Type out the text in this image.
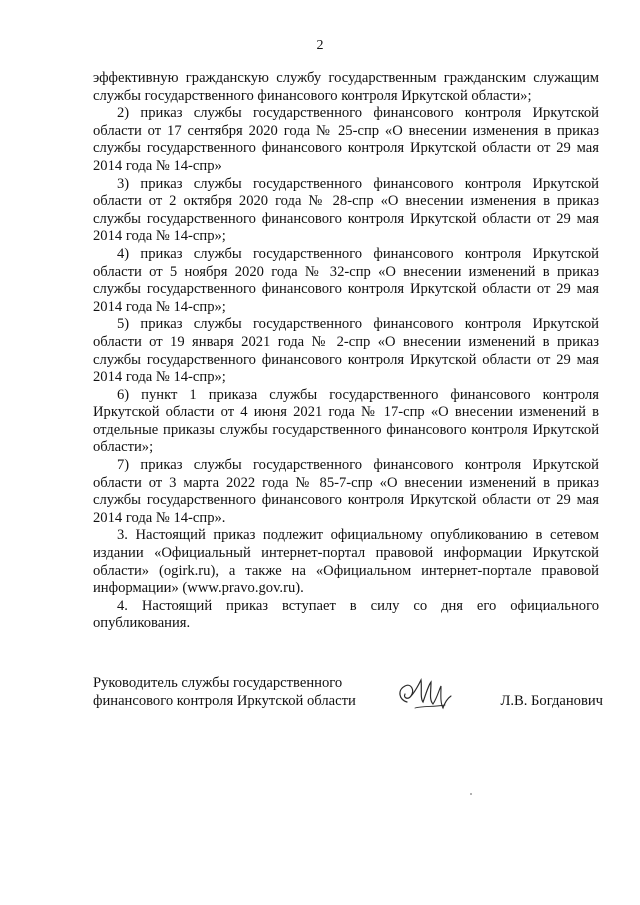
2

эффективную гражданскую службу государственным гражданским служащим службы государственного финансового контроля Иркутской области»;

2) приказ службы государственного финансового контроля Иркутской области от 17 сентября 2020 года № 25-спр «О внесении изменения в приказ службы государственного финансового контроля Иркутской области от 29 мая 2014 года № 14-спр»

3) приказ службы государственного финансового контроля Иркутской области от 2 октября 2020 года № 28-спр «О внесении изменения в приказ службы государственного финансового контроля Иркутской области от 29 мая 2014 года № 14-спр»;

4) приказ службы государственного финансового контроля Иркутской области от 5 ноября 2020 года № 32-спр «О внесении изменений в приказ службы государственного финансового контроля Иркутской области от 29 мая 2014 года № 14-спр»;

5) приказ службы государственного финансового контроля Иркутской области от 19 января 2021 года № 2-спр «О внесении изменений в приказ службы государственного финансового контроля Иркутской области от 29 мая 2014 года № 14-спр»;

6) пункт 1 приказа службы государственного финансового контроля Иркутской области от 4 июня 2021 года № 17-спр «О внесении изменений в отдельные приказы службы государственного финансового контроля Иркутской области»;

7) приказ службы государственного финансового контроля Иркутской области от 3 марта 2022 года № 85-7-спр «О внесении изменений в приказ службы государственного финансового контроля Иркутской области от 29 мая 2014 года № 14-спр».

3. Настоящий приказ подлежит официальному опубликованию в сетевом издании «Официальный интернет-портал правовой информации Иркутской области» (ogirk.ru), а также на «Официальном интернет-портале правовой информации» (www.pravo.gov.ru).

4. Настоящий приказ вступает в силу со дня его официального опубликования.

Руководитель службы государственного
финансового контроля Иркутской области	Л.В. Богданович
